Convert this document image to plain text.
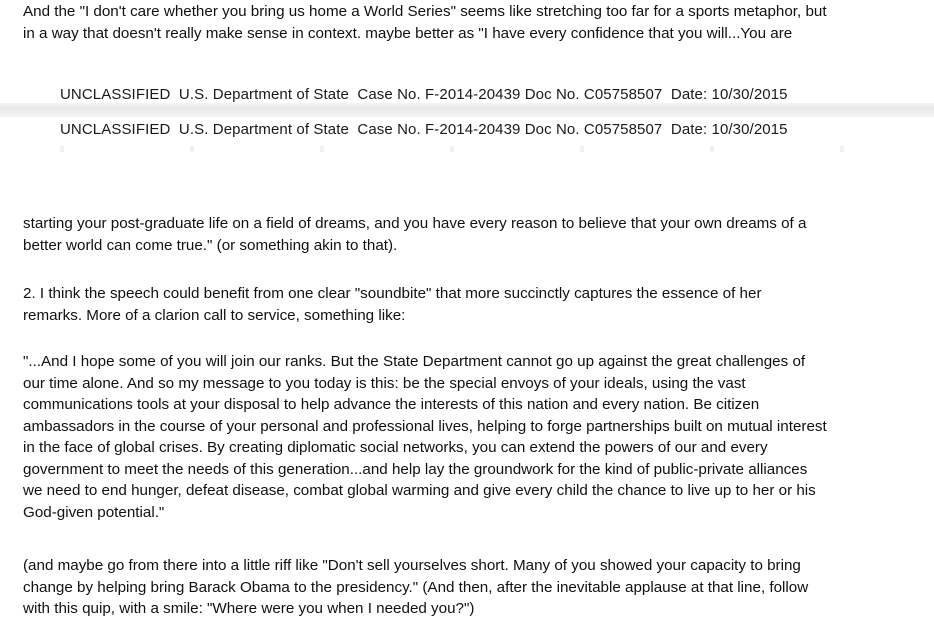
And the "I don't care whether you bring us home a World Series" seems like stretching too far for a sports metaphor, but
in a way that doesn't really make sense in context. maybe better as "I have every confidence that you will...You are
UNCLASSIFIED  U.S. Department of State  Case No. F-2014-20439 Doc No. C05758507  Date: 10/30/2015
UNCLASSIFIED  U.S. Department of State  Case No. F-2014-20439 Doc No. C05758507  Date: 10/30/2015
starting your post-graduate life on a field of dreams, and you have every reason to believe that your own dreams of a
better world can come true." (or something akin to that).
2. I think the speech could benefit from one clear "soundbite" that more succinctly captures the essence of her
remarks. More of a clarion call to service, something like:
"...And I hope some of you will join our ranks. But the State Department cannot go up against the great challenges of
our time alone. And so my message to you today is this: be the special envoys of your ideals, using the vast
communications tools at your disposal to help advance the interests of this nation and every nation. Be citizen
ambassadors in the course of your personal and professional lives, helping to forge partnerships built on mutual interest
in the face of global crises. By creating diplomatic social networks, you can extend the powers of our and every
government to meet the needs of this generation...and help lay the groundwork for the kind of public-private alliances
we need to end hunger, defeat disease, combat global warming and give every child the chance to live up to her or his
God-given potential."
(and maybe go from there into a little riff like "Don't sell yourselves short. Many of you showed your capacity to bring
change by helping bring Barack Obama to the presidency." (And then, after the inevitable applause at that line, follow
with this quip, with a smile: "Where were you when I needed you?")
